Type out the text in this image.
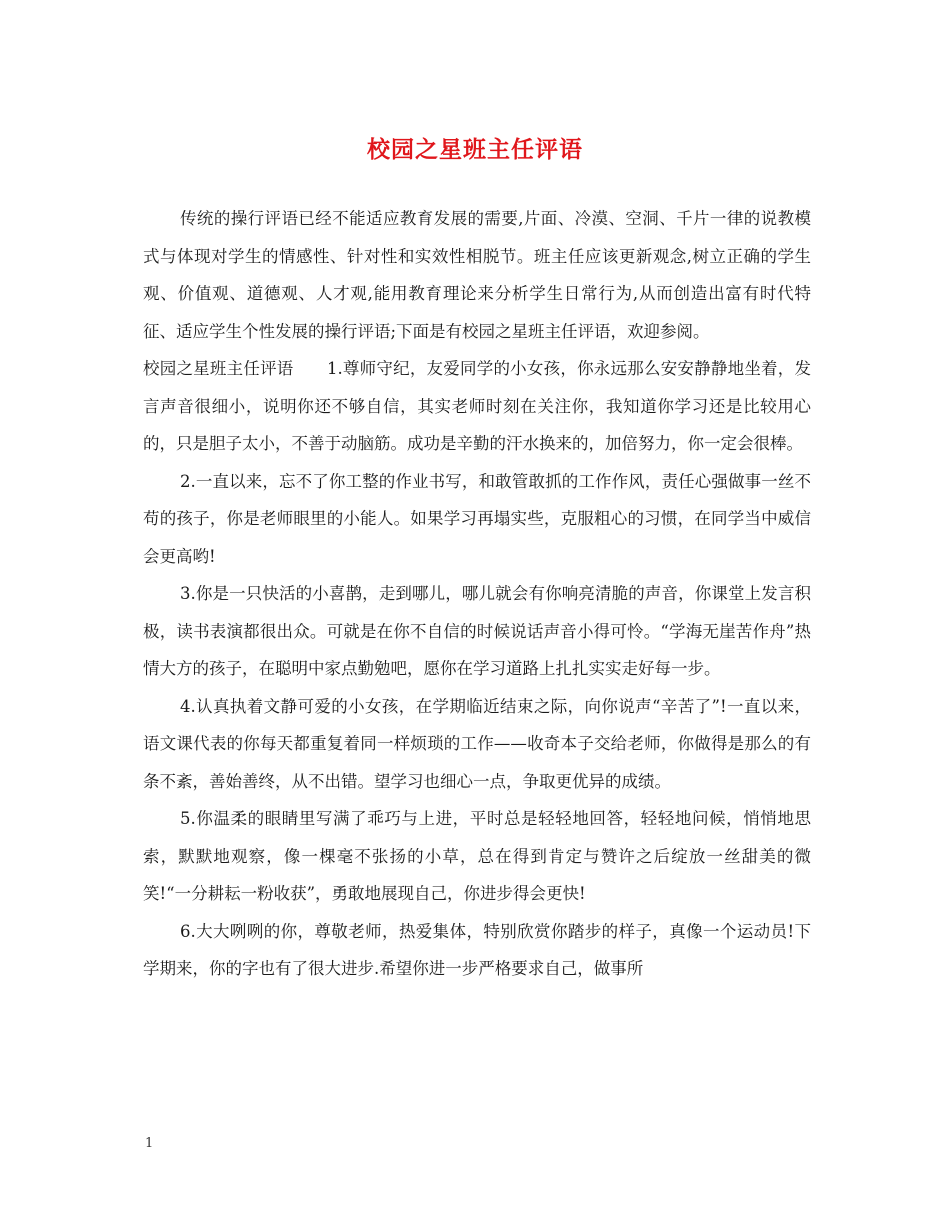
校园之星班主任评语

传统的操行评语已经不能适应教育发展的需要,片面、冷漠、空洞、千片一律的说教模式与体现对学生的情感性、针对性和实效性相脱节。班主任应该更新观念,树立正确的学生观、价值观、道德观、人才观,能用教育理论来分析学生日常行为,从而创造出富有时代特征、适应学生个性发展的操行评语;下面是有校园之星班主任评语，欢迎参阅。

校园之星班主任评语　　1.尊师守纪，友爱同学的小女孩，你永远那么安安静静地坐着，发言声音很细小，说明你还不够自信，其实老师时刻在关注你，我知道你学习还是比较用心的，只是胆子太小，不善于动脑筋。成功是辛勤的汗水换来的，加倍努力，你一定会很棒。

2.一直以来，忘不了你工整的作业书写，和敢管敢抓的工作作风，责任心强做事一丝不苟的孩子，你是老师眼里的小能人。如果学习再塌实些，克服粗心的习惯，在同学当中威信会更高哟!

3.你是一只快活的小喜鹊，走到哪儿，哪儿就会有你响亮清脆的声音，你课堂上发言积极，读书表演都很出众。可就是在你不自信的时候说话声音小得可怜。“学海无崖苦作舟”热情大方的孩子，在聪明中家点勤勉吧，愿你在学习道路上扎扎实实走好每一步。

4.认真执着文静可爱的小女孩，在学期临近结束之际，向你说声“辛苦了”!一直以来，语文课代表的你每天都重复着同一样烦琐的工作——收奇本子交给老师，你做得是那么的有条不紊，善始善终，从不出错。望学习也细心一点，争取更优异的成绩。

5.你温柔的眼睛里写满了乖巧与上进，平时总是轻轻地回答，轻轻地问候，悄悄地思索，默默地观察，像一棵毫不张扬的小草，总在得到肯定与赞许之后绽放一丝甜美的微笑!“一分耕耘一粉收获”，勇敢地展现自己，你进步得会更快!

6.大大咧咧的你，尊敬老师，热爱集体，特别欣赏你踏步的样子，真像一个运动员!下学期来，你的字也有了很大进步.希望你进一步严格要求自己，做事所

1
